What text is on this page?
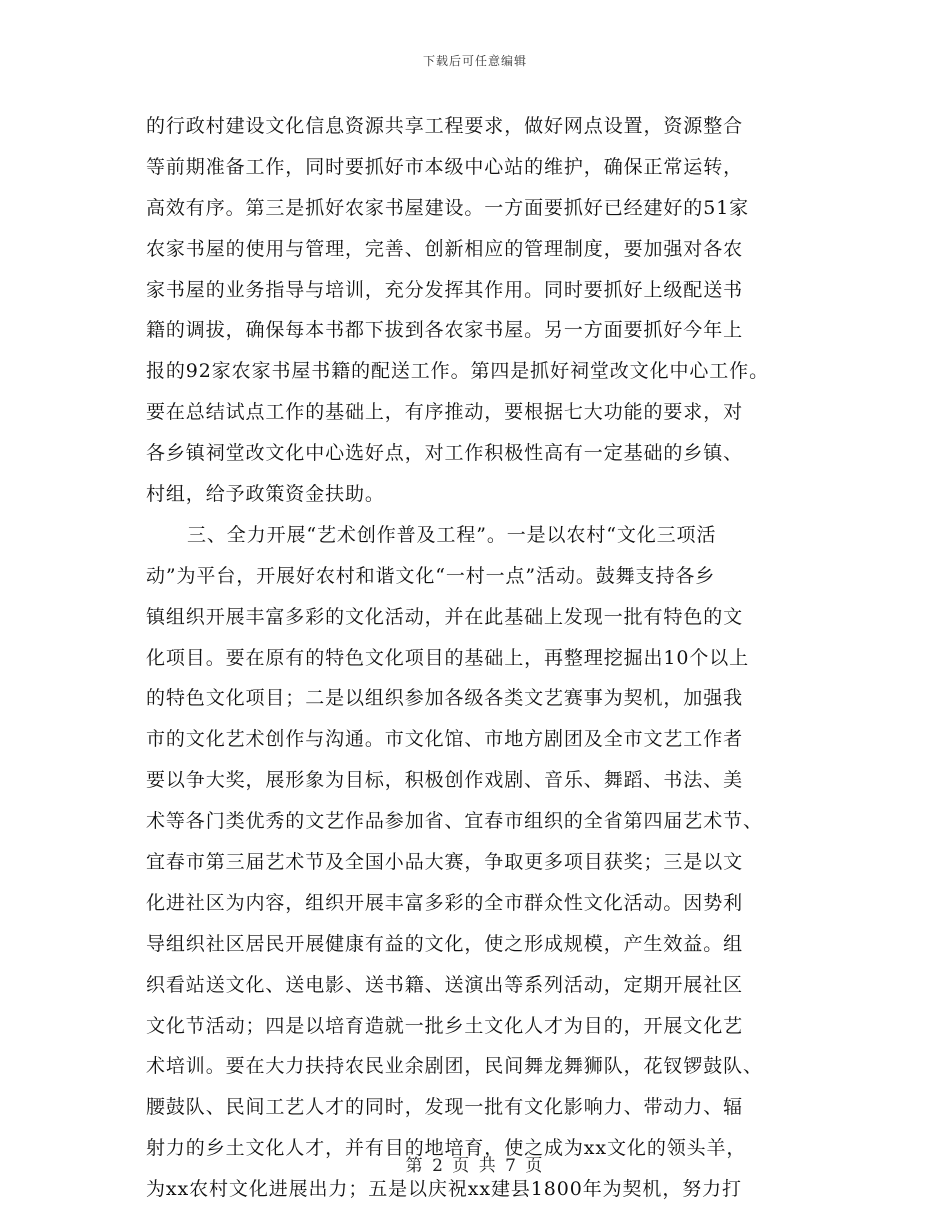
下载后可任意编辑
的行政村建设文化信息资源共享工程要求，做好网点设置，资源整合
等前期准备工作，同时要抓好市本级中心站的维护，确保正常运转，
高效有序。第三是抓好农家书屋建设。一方面要抓好已经建好的51家
农家书屋的使用与管理，完善、创新相应的管理制度，要加强对各农
家书屋的业务指导与培训，充分发挥其作用。同时要抓好上级配送书
籍的调拔，确保每本书都下拔到各农家书屋。另一方面要抓好今年上
报的92家农家书屋书籍的配送工作。第四是抓好祠堂改文化中心工作。
要在总结试点工作的基础上，有序推动，要根据七大功能的要求，对
各乡镇祠堂改文化中心选好点，对工作积极性高有一定基础的乡镇、
村组，给予政策资金扶助。
三、全力开展“艺术创作普及工程”。一是以农村“文化三项活
动”为平台，开展好农村和谐文化“一村一点”活动。鼓舞支持各乡
镇组织开展丰富多彩的文化活动，并在此基础上发现一批有特色的文
化项目。要在原有的特色文化项目的基础上，再整理挖掘出10个以上
的特色文化项目；二是以组织参加各级各类文艺赛事为契机，加强我
市的文化艺术创作与沟通。市文化馆、市地方剧团及全市文艺工作者
要以争大奖，展形象为目标，积极创作戏剧、音乐、舞蹈、书法、美
术等各门类优秀的文艺作品参加省、宜春市组织的全省第四届艺术节、
宜春市第三届艺术节及全国小品大赛，争取更多项目获奖；三是以文
化进社区为内容，组织开展丰富多彩的全市群众性文化活动。因势利
导组织社区居民开展健康有益的文化，使之形成规模，产生效益。组
织看站送文化、送电影、送书籍、送演出等系列活动，定期开展社区
文化节活动；四是以培育造就一批乡土文化人才为目的，开展文化艺
术培训。要在大力扶持农民业余剧团，民间舞龙舞狮队，花钗锣鼓队、
腰鼓队、民间工艺人才的同时，发现一批有文化影响力、带动力、辐
射力的乡土文化人才，并有目的地培育，使之成为xx文化的领头羊，
为xx农村文化进展出力；五是以庆祝xx建县1800年为契机，努力打
第 2 页 共 7 页
